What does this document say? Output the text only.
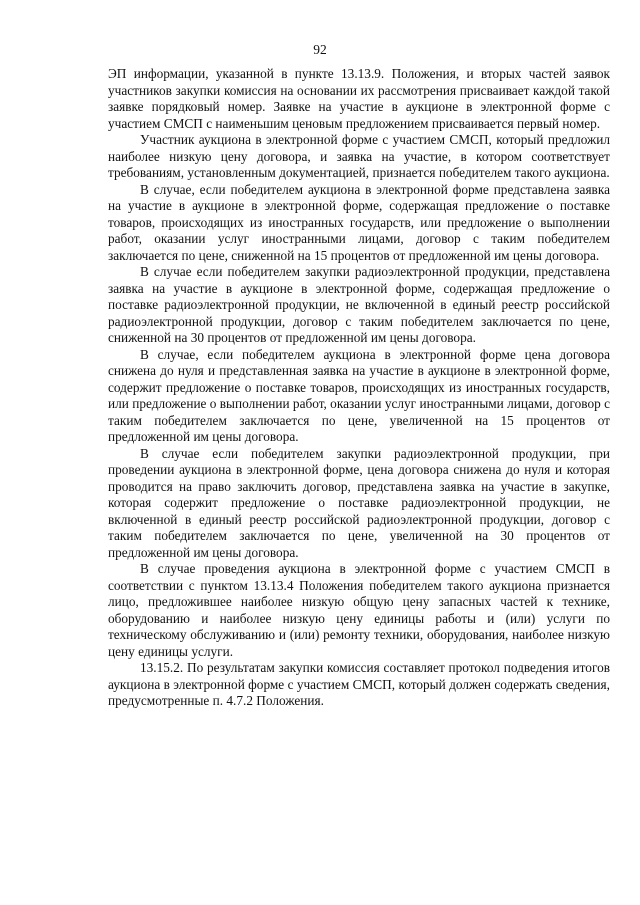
92

ЭП информации, указанной в пункте 13.13.9. Положения, и вторых частей заявок участников закупки комиссия на основании их рассмотрения присваивает каждой такой заявке порядковый номер. Заявке на участие в аукционе в электронной форме с участием СМСП с наименьшим ценовым предложением присваивается первый номер.

Участник аукциона в электронной форме с участием СМСП, который предложил наиболее низкую цену договора, и заявка на участие, в котором соответствует требованиям, установленным документацией, признается победителем такого аукциона.

В случае, если победителем аукциона в электронной форме представлена заявка на участие в аукционе в электронной форме, содержащая предложение о поставке товаров, происходящих из иностранных государств, или предложение о выполнении работ, оказании услуг иностранными лицами, договор с таким победителем заключается по цене, сниженной на 15 процентов от предложенной им цены договора.

В случае если победителем закупки радиоэлектронной продукции, представлена заявка на участие в аукционе в электронной форме, содержащая предложение о поставке радиоэлектронной продукции, не включенной в единый реестр российской радиоэлектронной продукции, договор с таким победителем заключается по цене, сниженной на 30 процентов от предложенной им цены договора.

В случае, если победителем аукциона в электронной форме цена договора снижена до нуля и представленная заявка на участие в аукционе в электронной форме, содержит предложение о поставке товаров, происходящих из иностранных государств, или предложение о выполнении работ, оказании услуг иностранными лицами, договор с таким победителем заключается по цене, увеличенной на 15 процентов от предложенной им цены договора.

В случае если победителем закупки радиоэлектронной продукции, при проведении аукциона в электронной форме, цена договора снижена до нуля и которая проводится на право заключить договор, представлена заявка на участие в закупке, которая содержит предложение о поставке радиоэлектронной продукции, не включенной в единый реестр российской радиоэлектронной продукции, договор с таким победителем заключается по цене, увеличенной на 30 процентов от предложенной им цены договора.

В случае проведения аукциона в электронной форме с участием СМСП в соответствии с пунктом 13.13.4 Положения победителем такого аукциона признается лицо, предложившее наиболее низкую общую цену запасных частей к технике, оборудованию и наиболее низкую цену единицы работы и (или) услуги по техническому обслуживанию и (или) ремонту техники, оборудования, наиболее низкую цену единицы услуги.

13.15.2. По результатам закупки комиссия составляет протокол подведения итогов аукциона в электронной форме с участием СМСП, который должен содержать сведения, предусмотренные п. 4.7.2 Положения.
